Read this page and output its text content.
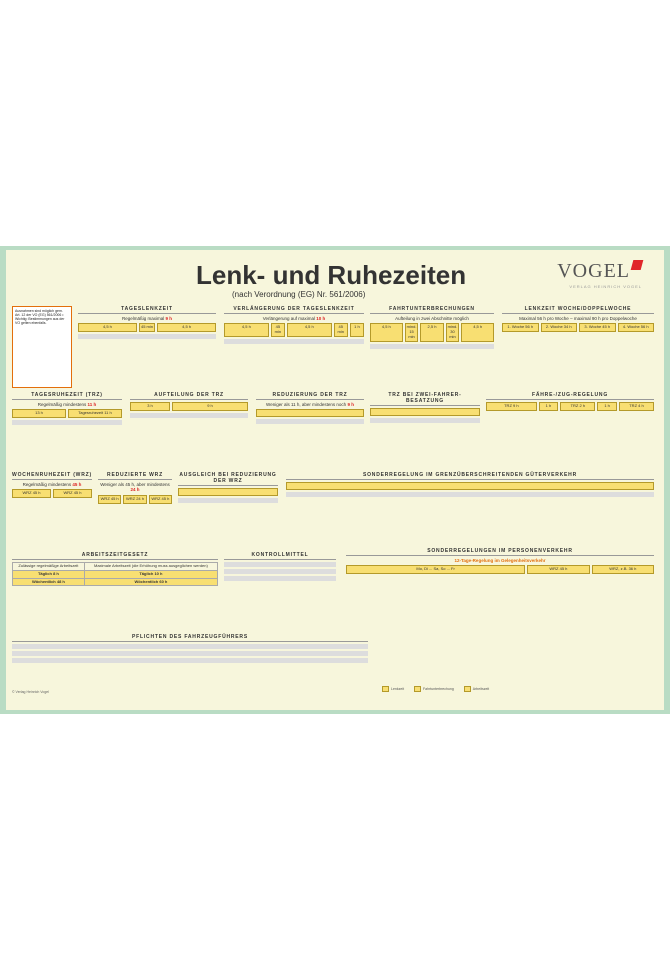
Lenk- und Ruhezeiten
(nach Verordnung (EG) Nr. 561/2006)
VOGEL
VERLAG HEINRICH VOGEL
Ausnahmen sind möglich gem. Art. 12 der VO (EG) 561/2006 • Wichtig: Bestimmungen aus der VO gelten ebenfalls.
TAGESLENKZEIT
Regelmäßig maximal 9 h
4,5 h	45 min	4,5 h
VERLÄNGERUNG DER TAGESLENKZEIT
Verlängerung auf maximal 10 h
4,5 h	45 min
4,5 h	45 min
1 h
FAHRTUNTERBRECHUNGEN
Aufteilung in zwei Abschnitte möglich
4,5 h	mind. 15 min
2,5 h	mind. 30 min
4,5 h
LENKZEIT WOCHE/DOPPELWOCHE
Maximal 56 h pro Woche – maximal 90 h pro Doppelwoche
1. Woche 56 h	2. Woche 34 h	3. Woche 45 h	4. Woche 56 h
TAGESRUHEZEIT (TRZ)
Regelmäßig mindestens 11 h
13 h	Tagesruhezeit 11 h
AUFTEILUNG DER TRZ
3 h	9 h
REDUZIERUNG DER TRZ
Weniger als 11 h, aber mindestens noch 9 h
TRZ BEI ZWEI-FAHRER-BESATZUNG
FÄHRE-/ZUG-REGELUNG
TRZ 9 h	1 h	TRZ 2 h	1 h	TRZ 4 h
WOCHENRUHEZEIT (WRZ)
Regelmäßig mindestens 45 h
WRZ 45 h	WRZ 45 h
REDUZIERTE WRZ
Weniger als 45 h, aber mindestens 24 h
WRZ 45 h	WRZ 24 h	WRZ 45 h
AUSGLEICH BEI REDUZIERUNG DER WRZ
SONDERREGELUNG IM GRENZÜBERSCHREITENDEN GÜTERVERKEHR
SONDERREGELUNGEN IM PERSONENVERKEHR
12-Tage-Regelung im Gelegenheitsverkehr
Mo, Di ... Sa, So ... Fr	WRZ 45 h	WRZ, z.B. 36 h
ARBEITSZEITGESETZ
Zulässige regelmäßige Arbeitszeit	Maximale Arbeitszeit (die Erhöhung muss ausgeglichen werden)
Täglich 8 h	Täglich 10 h
Wöchentlich 48 h	Wöchentlich 60 h
KONTROLLMITTEL
PFLICHTEN DES FAHRZEUGFÜHRERS
Lenkzeit	Fahrtunterbrechung	Arbeitszeit
© Verlag Heinrich Vogel
